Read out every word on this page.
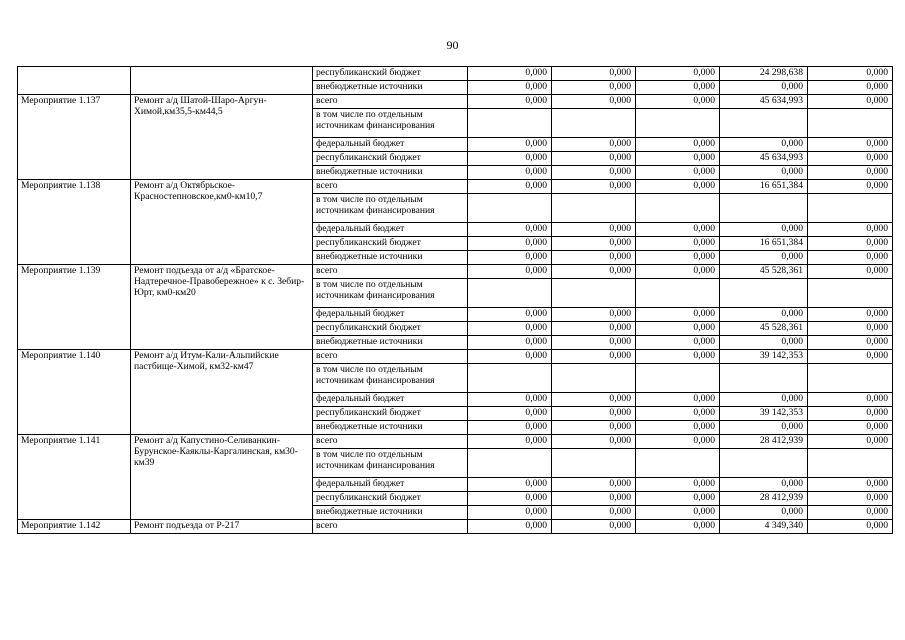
90
		республиканский бюджет	0,000	0,000	0,000	24 298,638	0,000
		внебюджетные источники	0,000	0,000	0,000	0,000	0,000
Мероприятие 1.137	Ремонт а/д Шатой-Шаро-Аргун-Химой,км35,5-км44,5	всего	0,000	0,000	0,000	45 634,993	0,000
		в том числе по отдельным источникам финансирования					
		федеральный бюджет	0,000	0,000	0,000	0,000	0,000
		республиканский бюджет	0,000	0,000	0,000	45 634,993	0,000
		внебюджетные источники	0,000	0,000	0,000	0,000	0,000
Мероприятие 1.138	Ремонт а/д Октябрьское-Красностепновское,км0-км10,7	всего	0,000	0,000	0,000	16 651,384	0,000
		в том числе по отдельным источникам финансирования					
		федеральный бюджет	0,000	0,000	0,000	0,000	0,000
		республиканский бюджет	0,000	0,000	0,000	16 651,384	0,000
		внебюджетные источники	0,000	0,000	0,000	0,000	0,000
Мероприятие 1.139	Ремонт подъезда от а/д «Братское-Надтеречное-Правобережное» к с. Зебир-Юрт, км0-км20	всего	0,000	0,000	0,000	45 528,361	0,000
		в том числе по отдельным источникам финансирования					
		федеральный бюджет	0,000	0,000	0,000	0,000	0,000
		республиканский бюджет	0,000	0,000	0,000	45 528,361	0,000
		внебюджетные источники	0,000	0,000	0,000	0,000	0,000
Мероприятие 1.140	Ремонт а/д Итум-Кали-Альпийские пастбище-Химой, км32-км47	всего	0,000	0,000	0,000	39 142,353	0,000
		в том числе по отдельным источникам финансирования					
		федеральный бюджет	0,000	0,000	0,000	0,000	0,000
		республиканский бюджет	0,000	0,000	0,000	39 142,353	0,000
		внебюджетные источники	0,000	0,000	0,000	0,000	0,000
Мероприятие 1.141	Ремонт а/д Капустино-Селиванкин-Бурунское-Каяклы-Каргалинская, км30-км39	всего	0,000	0,000	0,000	28 412,939	0,000
		в том числе по отдельным источникам финансирования					
		федеральный бюджет	0,000	0,000	0,000	0,000	0,000
		республиканский бюджет	0,000	0,000	0,000	28 412,939	0,000
		внебюджетные источники	0,000	0,000	0,000	0,000	0,000
Мероприятие 1.142	Ремонт подъезда от Р-217	всего	0,000	0,000	0,000	4 349,340	0,000
